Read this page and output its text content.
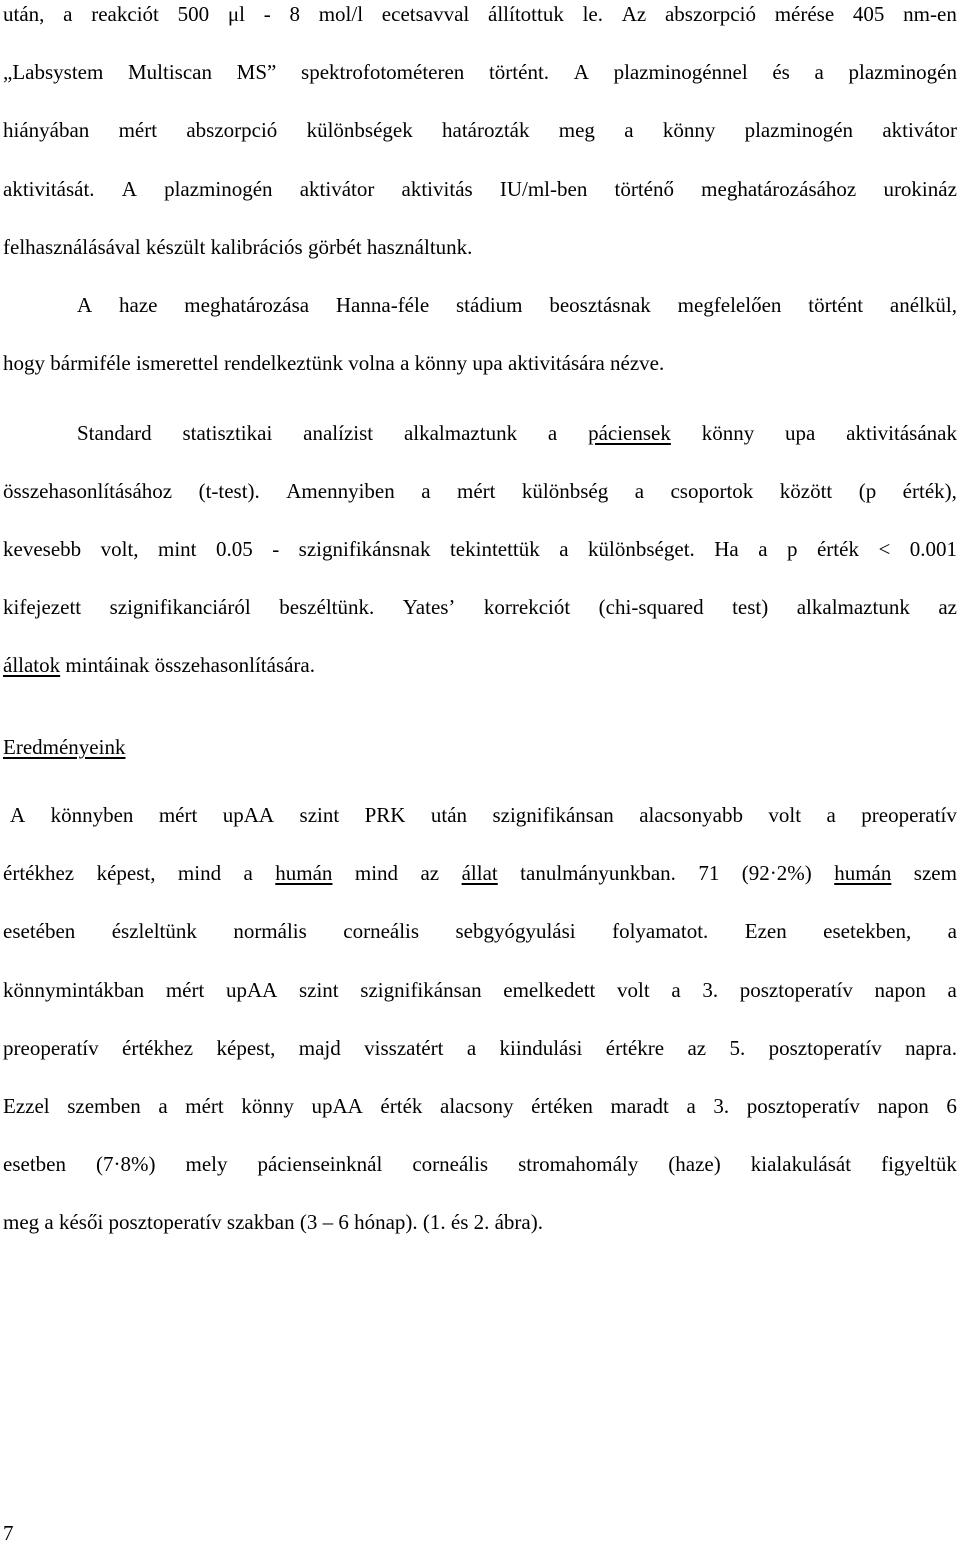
után, a reakciót 500 μl - 8 mol/l ecetsavval állítottuk le. Az abszorpció mérése 405 nm-en
„Labsystem Multiscan MS” spektrofotométeren történt. A plazminogénnel és a plazminogén
hiányában mért abszorpció különbségek határozták meg a könny plazminogén aktivátor
aktivitását. A plazminogén aktivátor aktivitás IU/ml-ben történő meghatározásához urokináz
felhasználásával készült kalibrációs görbét használtunk.
A haze meghatározása Hanna-féle stádium beosztásnak megfelelően történt anélkül,
hogy bármiféle ismerettel rendelkeztünk volna a könny upa aktivitására nézve.
Standard statisztikai analízist alkalmaztunk a páciensek könny upa aktivitásának
összehasonlításához (t-test). Amennyiben a mért különbség a csoportok között (p érték),
kevesebb volt, mint 0.05 - szignifikánsnak tekintettük a különbséget. Ha a p érték < 0.001
kifejezett szignifikanciáról beszéltünk. Yates’ korrekciót (chi-squared test) alkalmaztunk az
állatok mintáinak összehasonlítására.
Eredményeink
A könnyben mért upAA szint PRK után szignifikánsan alacsonyabb volt a preoperatív
értékhez képest, mind a humán mind az állat tanulmányunkban. 71 (92·2%) humán szem
esetében észleltünk normális corneális sebgyógyulási folyamatot. Ezen esetekben, a
könnymintákban mért upAA szint szignifikánsan emelkedett volt a 3. posztoperatív napon a
preoperatív értékhez képest, majd visszatért a kiindulási értékre az 5. posztoperatív napra.
Ezzel szemben a mért könny upAA érték alacsony értéken maradt a 3. posztoperatív napon 6
esetben (7·8%) mely pácienseinknál corneális stromahomály (haze) kialakulását figyeltük
meg a késői posztoperatív szakban (3 – 6 hónap). (1. és 2. ábra).
7
